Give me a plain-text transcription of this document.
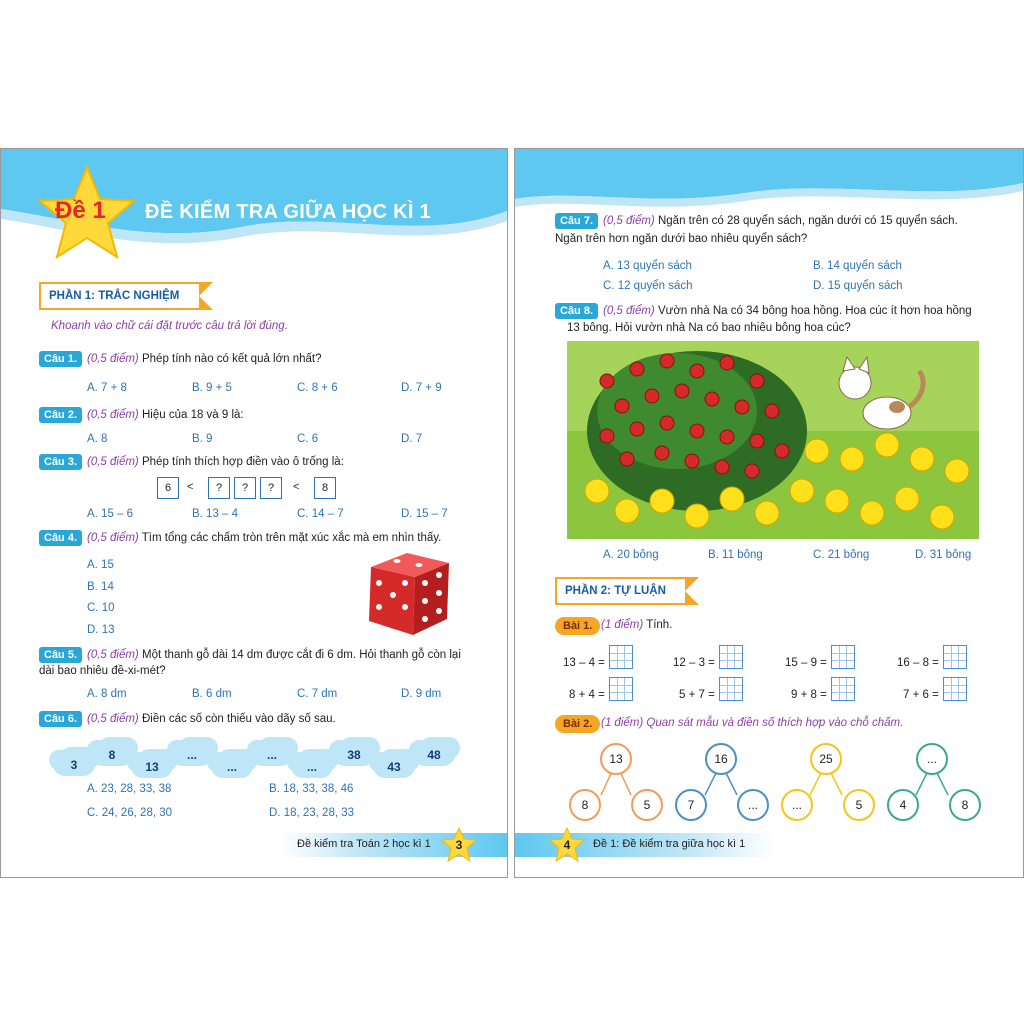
Đề 1 ĐỀ KIỂM TRA GIỮA HỌC KÌ 1
PHẦN 1: TRẮC NGHIỆM
Khoanh vào chữ cái đặt trước câu trả lời đúng.
Câu 1. (0,5 điểm) Phép tính nào có kết quả lớn nhất?
A. 7 + 8	B. 9 + 5	C. 8 + 6	D. 7 + 9
Câu 2. (0,5 điểm) Hiệu của 18 và 9 là:
A. 8	B. 9	C. 6	D. 7
Câu 3. (0,5 điểm) Phép tính thích hợp điền vào ô trống là:
6	<	?	?	?	<	8
A. 15 – 6	B. 13 – 4	C. 14 – 7	D. 15 – 7
Câu 4. (0,5 điểm) Tìm tổng các chấm tròn trên mặt xúc xắc mà em nhìn thấy.
A. 15
B. 14
C. 10
D. 13
Câu 5. (0,5 điểm) Một thanh gỗ dài 14 dm được cắt đi 6 dm. Hỏi thanh gỗ còn lại
dài bao nhiêu đề-xi-mét?
A. 8 dm	B. 6 dm	C. 7 dm	D. 9 dm
Câu 6. (0,5 điểm) Điền các số còn thiếu vào dãy số sau.
3
8
13
...
...
...
...
38
43
48
A. 23, 28, 33, 38	B. 18, 33, 38, 46
C. 24, 26, 28, 30	D. 18, 23, 28, 33
Đề kiểm tra Toán 2 học kì 1	3
Câu 7. (0,5 điểm) Ngăn trên có 28 quyển sách, ngăn dưới có 15 quyển sách.
Ngăn trên hơn ngăn dưới bao nhiêu quyển sách?
A. 13 quyển sách	B. 14 quyển sách
C. 12 quyển sách	D. 15 quyển sách
Câu 8. (0,5 điểm) Vườn nhà Na có 34 bông hoa hồng. Hoa cúc ít hơn hoa hồng
13 bông. Hỏi vườn nhà Na có bao nhiêu bông hoa cúc?
A. 20 bông	B. 11 bông	C. 21 bông	D. 31 bông
PHẦN 2: TỰ LUẬN
Bài 1. (1 điểm) Tính.
13 – 4 =	12 – 3 =	15 – 9 =	16 – 8 =
8 + 4 =	5 + 7 =	9 + 8 =	7 + 6 =
Bài 2. (1 điểm) Quan sát mẫu và điền số thích hợp vào chỗ chấm.
13
8	5
16
7	...
25
...	5
...
4	8
4	Đề 1: Đề kiểm tra giữa học kì 1
